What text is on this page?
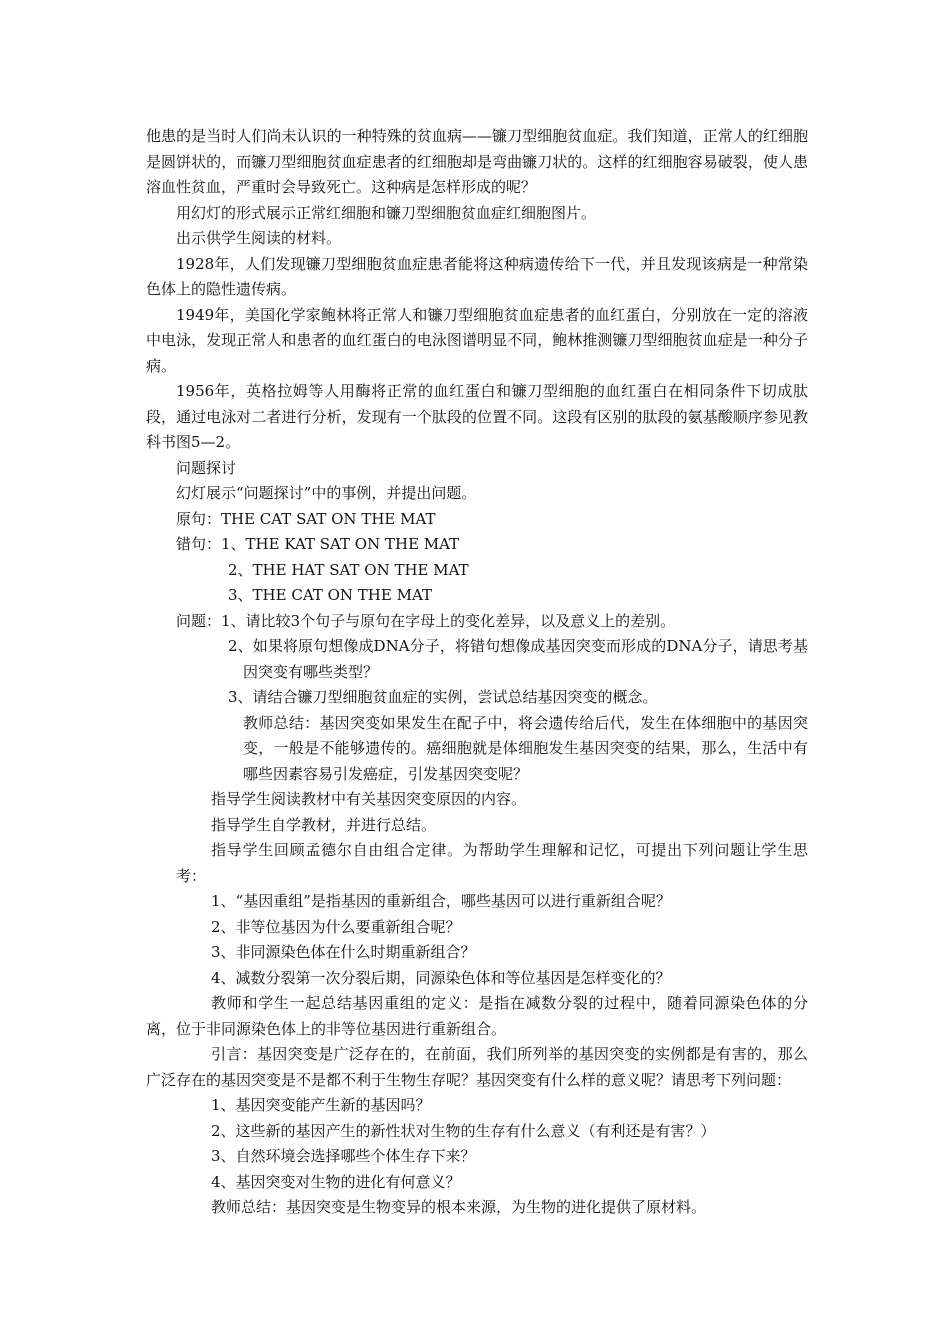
他患的是当时人们尚未认识的一种特殊的贫血病——镰刀型细胞贫血症。我们知道，正常人的红细胞是圆饼状的，而镰刀型细胞贫血症患者的红细胞却是弯曲镰刀状的。这样的红细胞容易破裂，使人患溶血性贫血，严重时会导致死亡。这种病是怎样形成的呢？

用幻灯的形式展示正常红细胞和镰刀型细胞贫血症红细胞图片。

出示供学生阅读的材料。

1928年，人们发现镰刀型细胞贫血症患者能将这种病遗传给下一代，并且发现该病是一种常染色体上的隐性遗传病。

1949年，美国化学家鲍林将正常人和镰刀型细胞贫血症患者的血红蛋白，分别放在一定的溶液中电泳，发现正常人和患者的血红蛋白的电泳图谱明显不同，鲍林推测镰刀型细胞贫血症是一种分子病。

1956年，英格拉姆等人用酶将正常的血红蛋白和镰刀型细胞的血红蛋白在相同条件下切成肽段，通过电泳对二者进行分析，发现有一个肽段的位置不同。这段有区别的肽段的氨基酸顺序参见教科书图5—2。

问题探讨

幻灯展示“问题探讨”中的事例，并提出问题。

原句：THE CAT SAT ON THE MAT

错句：1、THE KAT SAT ON THE MAT

2、THE HAT SAT ON THE MAT

3、THE CAT ON THE MAT

问题：1、请比较3个句子与原句在字母上的变化差异，以及意义上的差别。

2、如果将原句想像成DNA分子，将错句想像成基因突变而形成的DNA分子，请思考基因突变有哪些类型？

3、请结合镰刀型细胞贫血症的实例，尝试总结基因突变的概念。

教师总结：基因突变如果发生在配子中，将会遗传给后代，发生在体细胞中的基因突变，一般是不能够遗传的。癌细胞就是体细胞发生基因突变的结果，那么，生活中有哪些因素容易引发癌症，引发基因突变呢？

指导学生阅读教材中有关基因突变原因的内容。

指导学生自学教材，并进行总结。

指导学生回顾孟德尔自由组合定律。为帮助学生理解和记忆，可提出下列问题让学生思考：

1、“基因重组”是指基因的重新组合，哪些基因可以进行重新组合呢？

2、非等位基因为什么要重新组合呢？

3、非同源染色体在什么时期重新组合？

4、减数分裂第一次分裂后期，同源染色体和等位基因是怎样变化的？

教师和学生一起总结基因重组的定义：是指在减数分裂的过程中，随着同源染色体的分离，位于非同源染色体上的非等位基因进行重新组合。

引言：基因突变是广泛存在的，在前面，我们所列举的基因突变的实例都是有害的，那么广泛存在的基因突变是不是都不利于生物生存呢？基因突变有什么样的意义呢？请思考下列问题：

1、基因突变能产生新的基因吗？

2、这些新的基因产生的新性状对生物的生存有什么意义（有利还是有害？）

3、自然环境会选择哪些个体生存下来？

4、基因突变对生物的进化有何意义？

教师总结：基因突变是生物变异的根本来源，为生物的进化提供了原材料。
